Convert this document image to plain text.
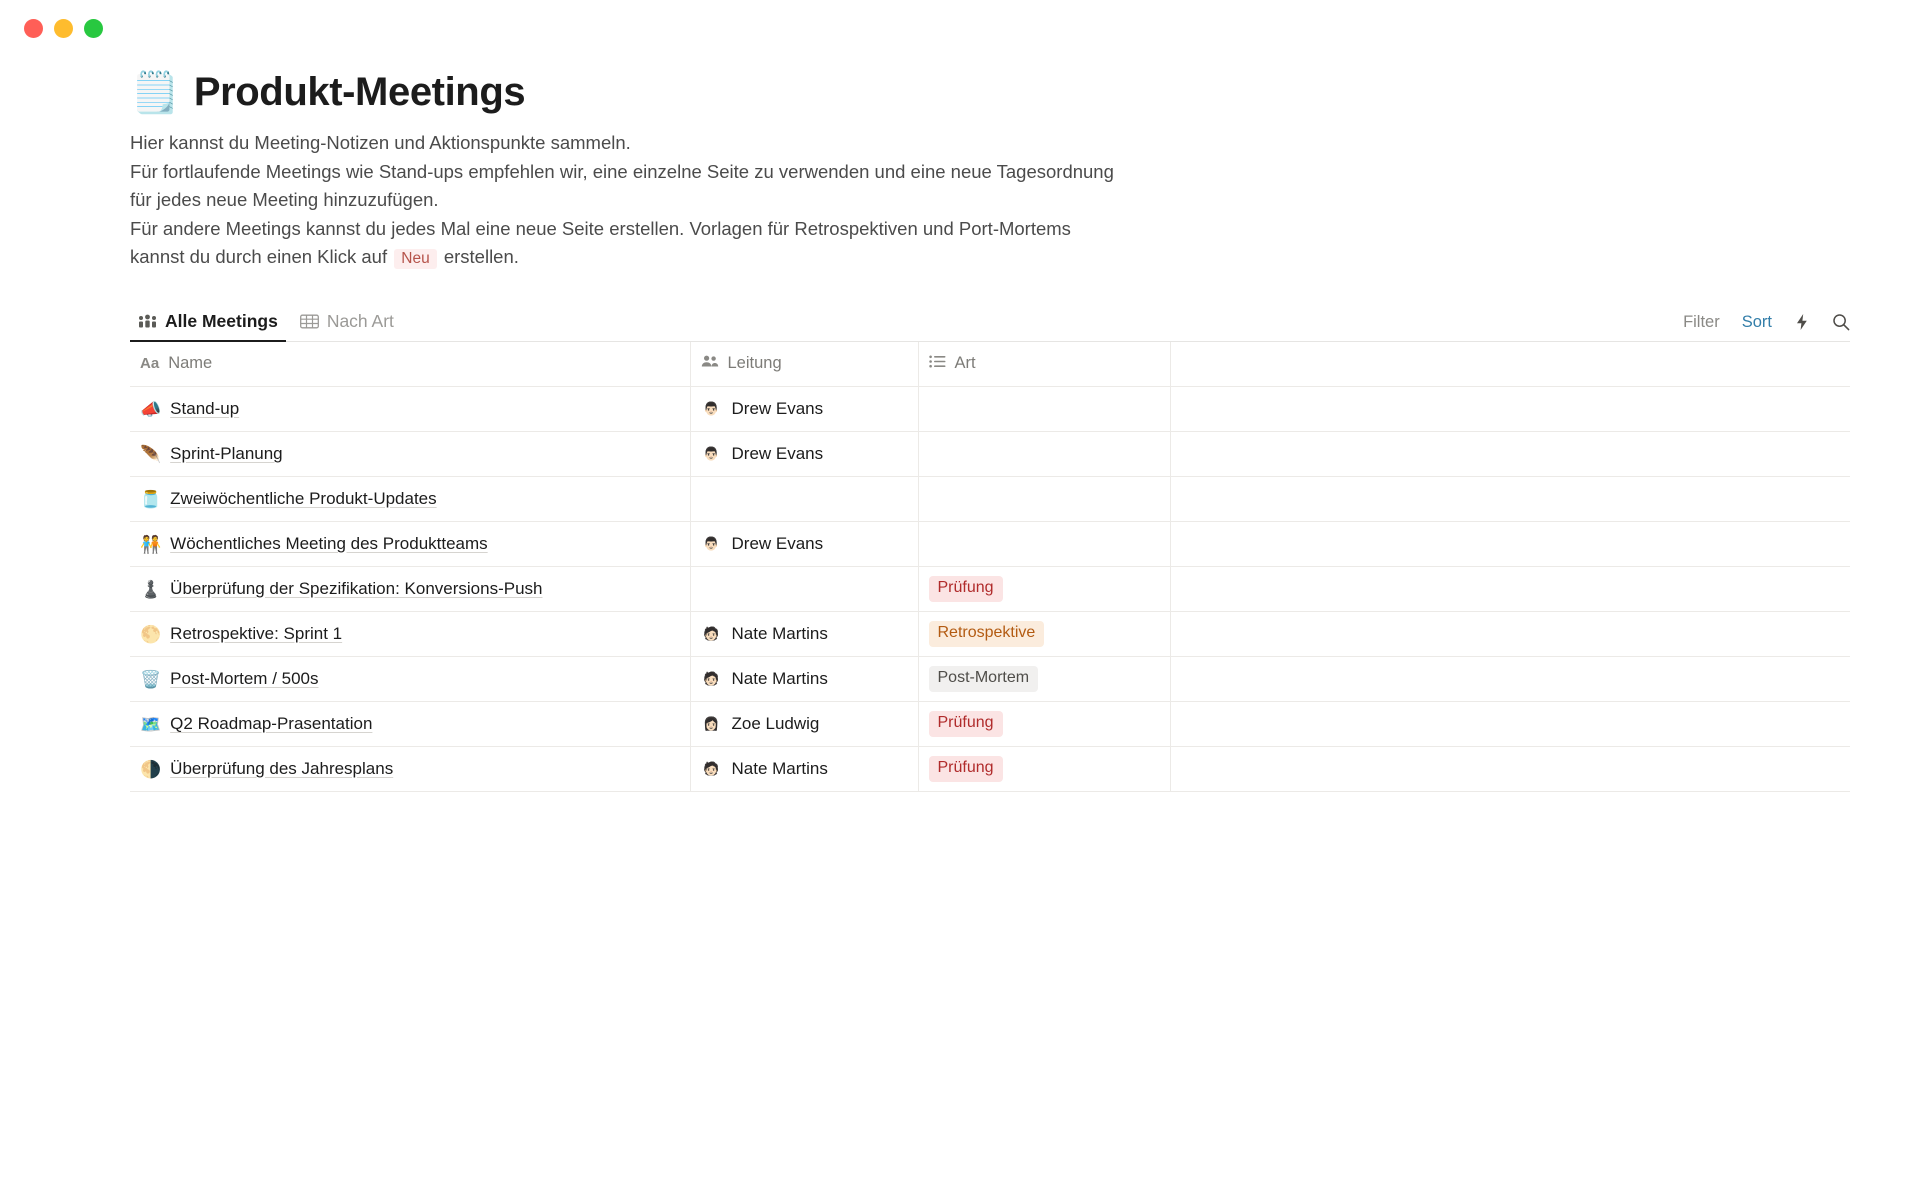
🗒️ Produkt-Meetings
Hier kannst du Meeting-Notizen und Aktionspunkte sammeln.
Für fortlaufende Meetings wie Stand-ups empfehlen wir, eine einzelne Seite zu verwenden und eine neue Tagesordnung
für jedes neue Meeting hinzuzufügen.
Für andere Meetings kannst du jedes Mal eine neue Seite erstellen. Vorlagen für Retrospektiven und Port-Mortems
kannst du durch einen Klick auf Neu erstellen.
Alle Meetings	Nach Art	Filter Sort
Aa Name	Leitung	Art	

📣 Stand-up	👨🏻 Drew Evans		

🪶 Sprint-Planung	👨🏻 Drew Evans		

🫙 Zweiwöchentliche Produkt-Updates			

🧑‍🤝‍🧑 Wöchentliches Meeting des Produktteams	👨🏻 Drew Evans		

♟️ Überprüfung der Spezifikation: Konversions-Push		Prüfung	

🌕 Retrospektive: Sprint 1	🧑🏻 Nate Martins	Retrospektive	

🗑️ Post-Mortem / 500s	🧑🏻 Nate Martins	Post-Mortem	

🗺️ Q2 Roadmap-Prasentation	👩🏻 Zoe Ludwig	Prüfung	

🌗 Überprüfung des Jahresplans	🧑🏻 Nate Martins	Prüfung	
